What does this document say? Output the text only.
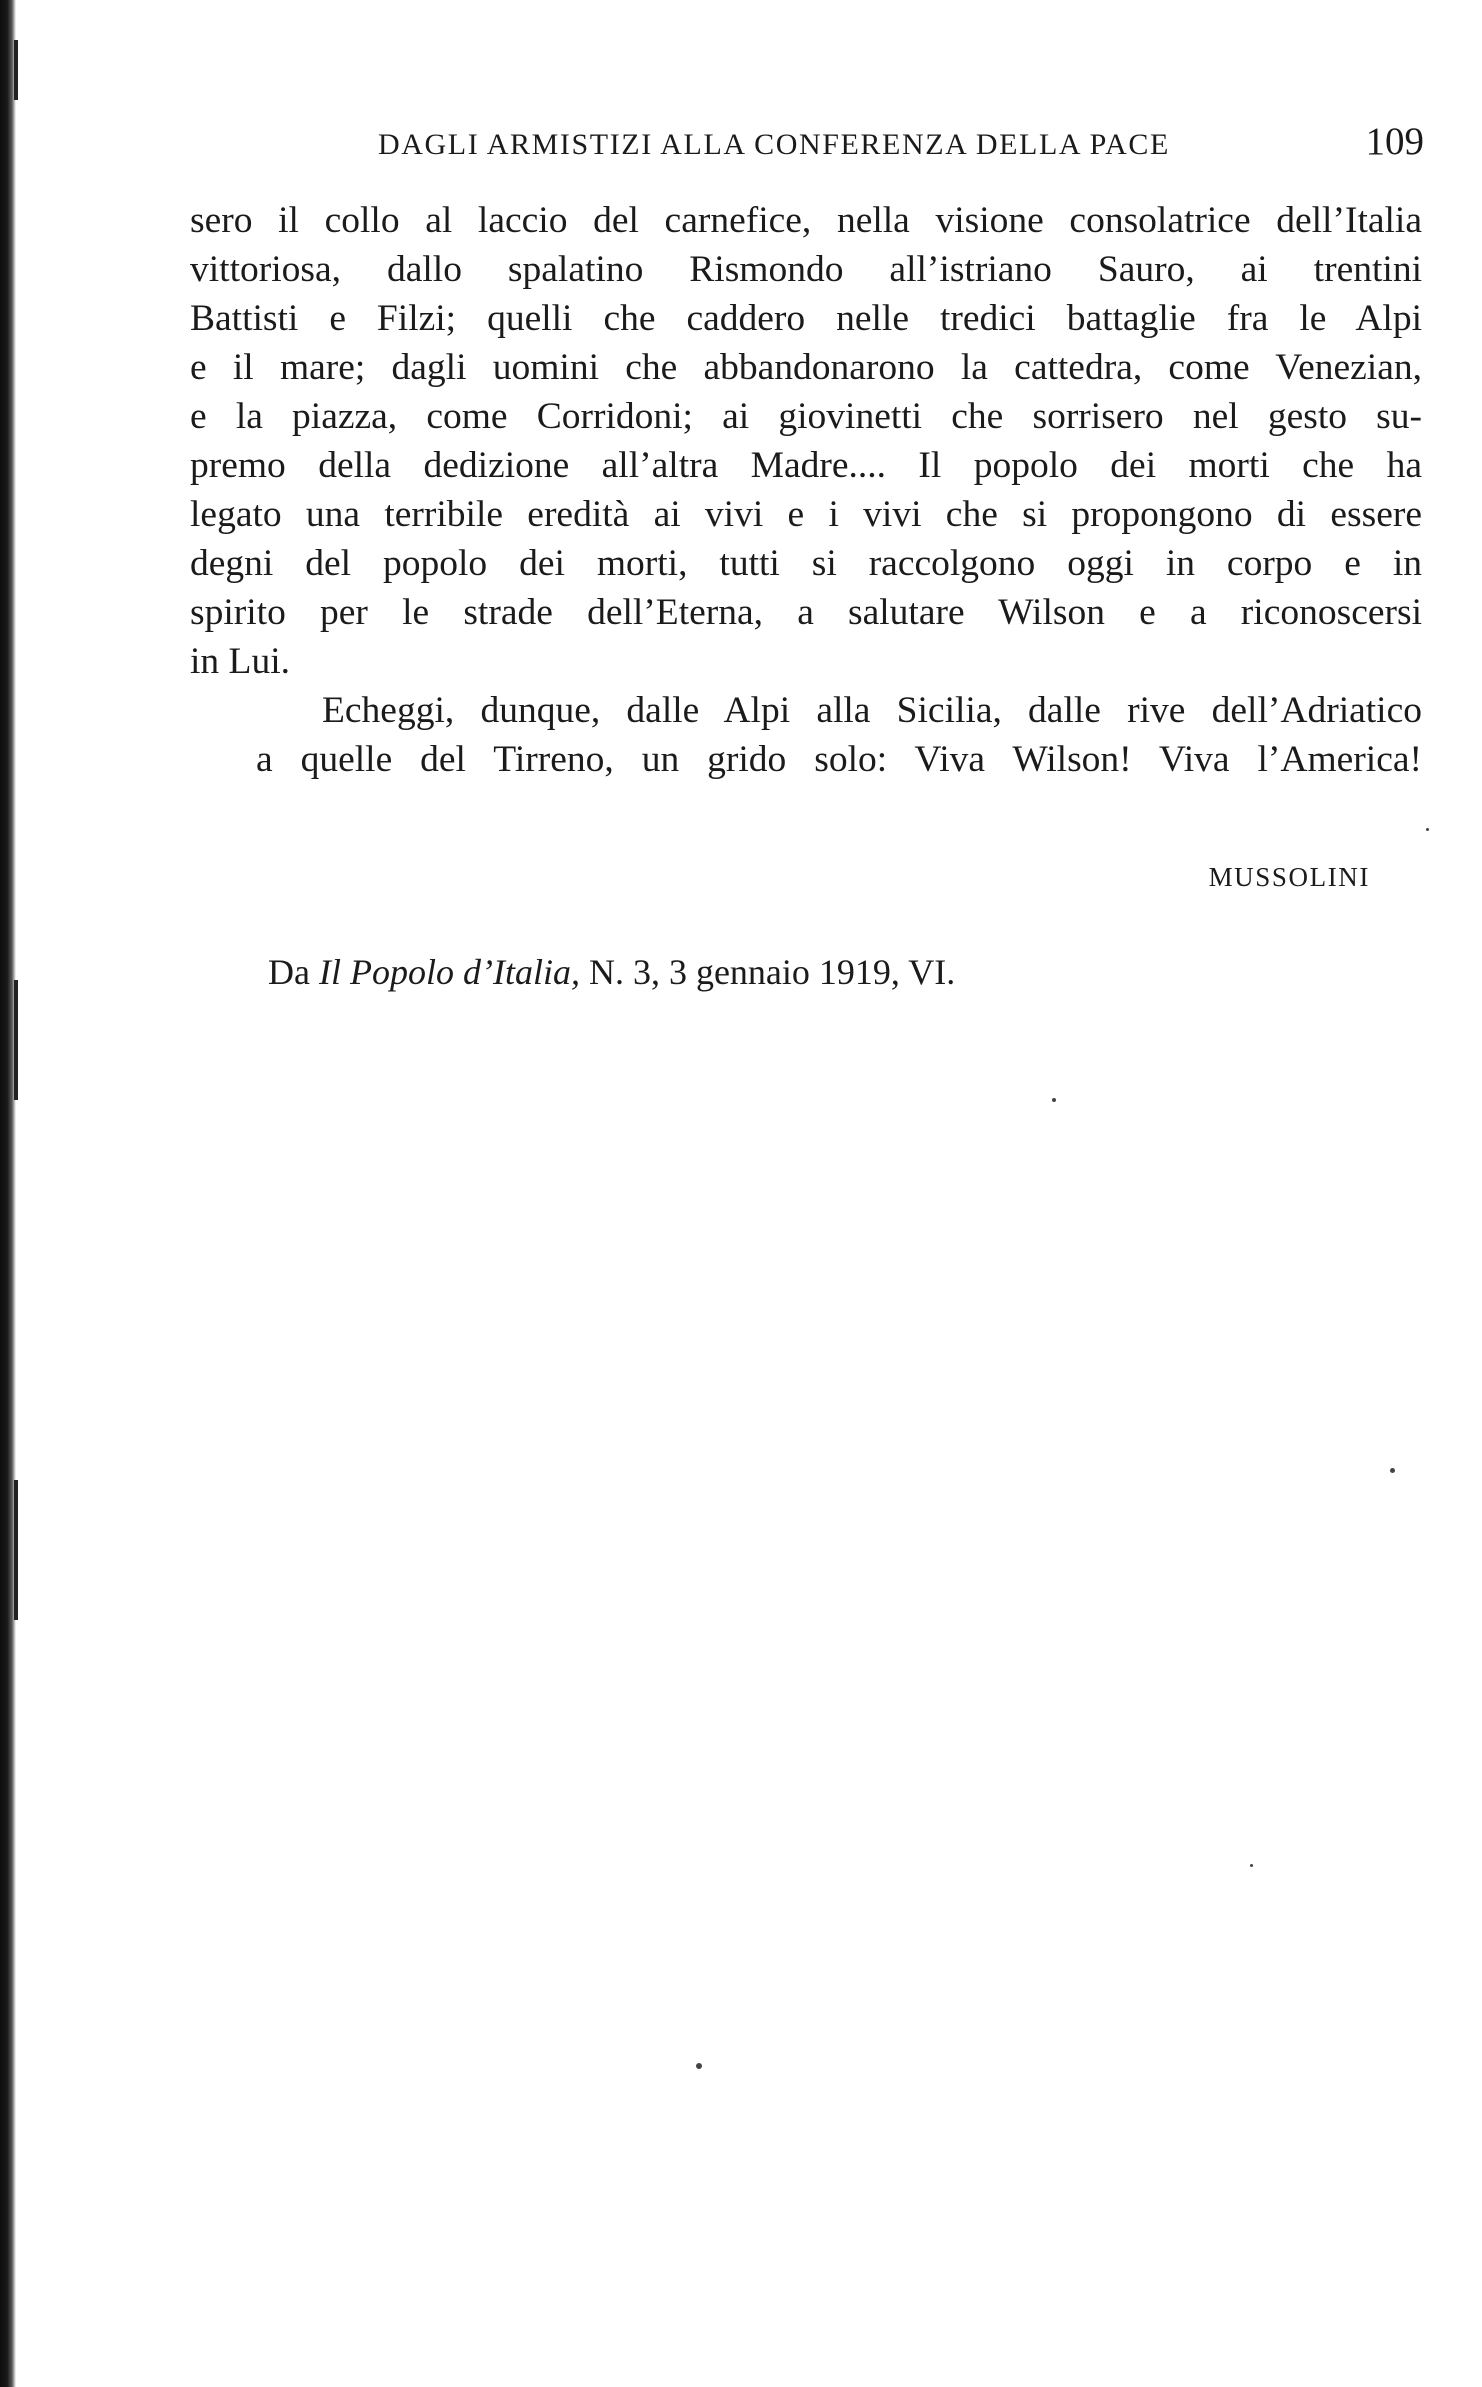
DAGLI ARMISTIZI ALLA CONFERENZA DELLA PACE	109

sero il collo al laccio del carnefice, nella visione consolatrice dell’Italia
vittoriosa, dallo spalatino Rismondo all’istriano Sauro, ai trentini
Battisti e Filzi; quelli che caddero nelle tredici battaglie fra le Alpi
e il mare; dagli uomini che abbandonarono la cattedra, come Venezian,
e la piazza, come Corridoni; ai giovinetti che sorrisero nel gesto su-
premo della dedizione all’altra Madre.... Il popolo dei morti che ha
legato una terribile eredità ai vivi e i vivi che si propongono di essere
degni del popolo dei morti, tutti si raccolgono oggi in corpo e in
spirito per le strade dell’Eterna, a salutare Wilson e a riconoscersi
in Lui.

Echeggi, dunque, dalle Alpi alla Sicilia, dalle rive dell’Adriatico
a quelle del Tirreno, un grido solo: Viva Wilson! Viva l’America!

MUSSOLINI
Da Il Popolo d’Italia, N. 3, 3 gennaio 1919, VI.
